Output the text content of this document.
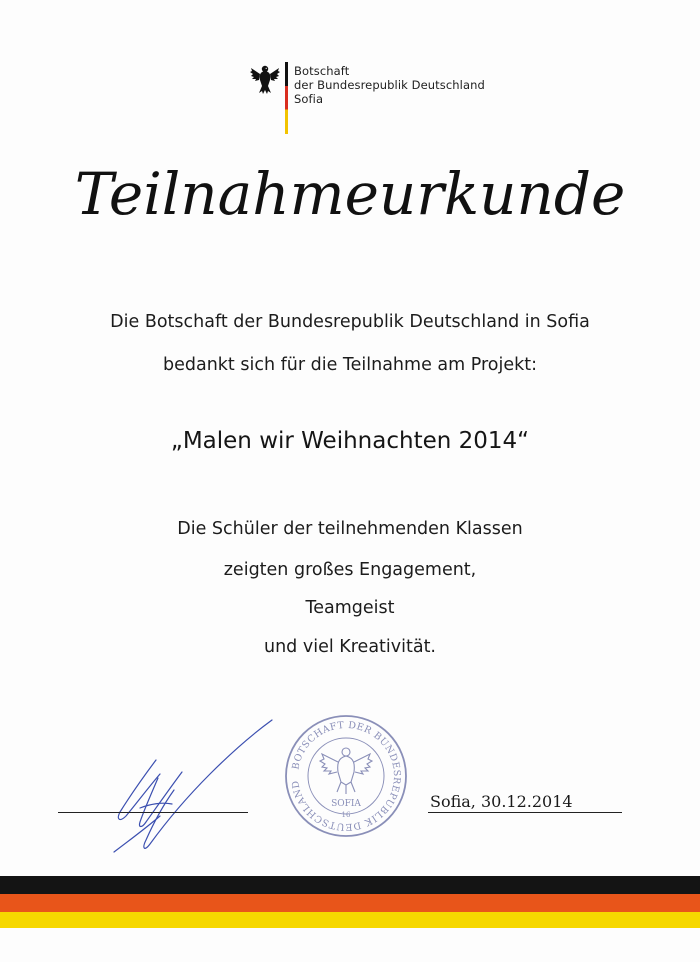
Botschaft
der Bundesrepublik Deutschland
Sofia
Teilnahmeurkunde
Die Botschaft der Bundesrepublik Deutschland in Sofia
bedankt sich für die Teilnahme am Projekt:
„Malen wir Weihnachten 2014“
Die Schüler der teilnehmenden Klassen
zeigten großes Engagement,
Teamgeist
und viel Kreativität.
BOTSCHAFT DER BUNDESREPUBLIK DEUTSCHLAND
SOFIA
16
Sofia, 30.12.2014
